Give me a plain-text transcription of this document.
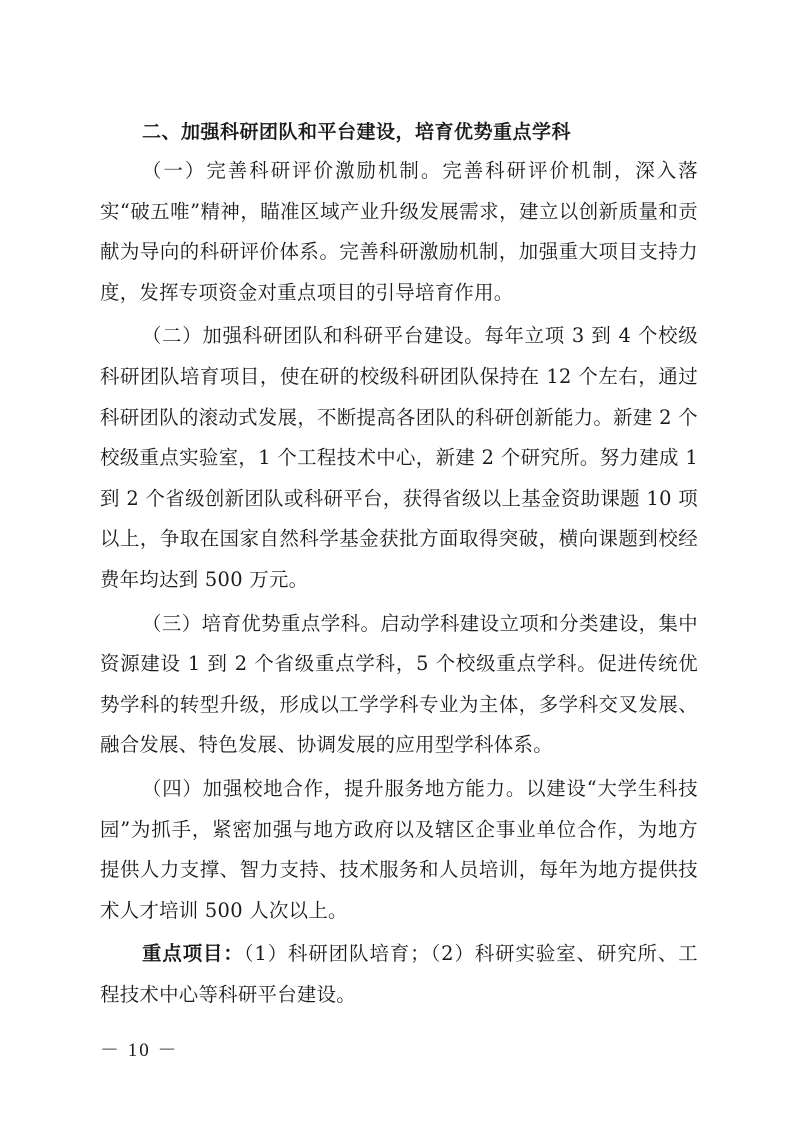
二、加强科研团队和平台建设，培育优势重点学科

（一）完善科研评价激励机制。完善科研评价机制，深入落实“破五唯”精神，瞄准区域产业升级发展需求，建立以创新质量和贡献为导向的科研评价体系。完善科研激励机制，加强重大项目支持力度，发挥专项资金对重点项目的引导培育作用。

（二）加强科研团队和科研平台建设。每年立项 3 到 4 个校级科研团队培育项目，使在研的校级科研团队保持在 12 个左右，通过科研团队的滚动式发展，不断提高各团队的科研创新能力。新建 2 个校级重点实验室，1 个工程技术中心，新建 2 个研究所。努力建成 1 到 2 个省级创新团队或科研平台，获得省级以上基金资助课题 10 项以上，争取在国家自然科学基金获批方面取得突破，横向课题到校经费年均达到 500 万元。

（三）培育优势重点学科。启动学科建设立项和分类建设，集中资源建设 1 到 2 个省级重点学科，5 个校级重点学科。促进传统优势学科的转型升级，形成以工学学科专业为主体，多学科交叉发展、融合发展、特色发展、协调发展的应用型学科体系。

（四）加强校地合作，提升服务地方能力。以建设“大学生科技园”为抓手，紧密加强与地方政府以及辖区企事业单位合作，为地方提供人力支撑、智力支持、技术服务和人员培训，每年为地方提供技术人才培训 500 人次以上。

重点项目：（1）科研团队培育；（2）科研实验室、研究所、工程技术中心等科研平台建设。

－ 10 －
